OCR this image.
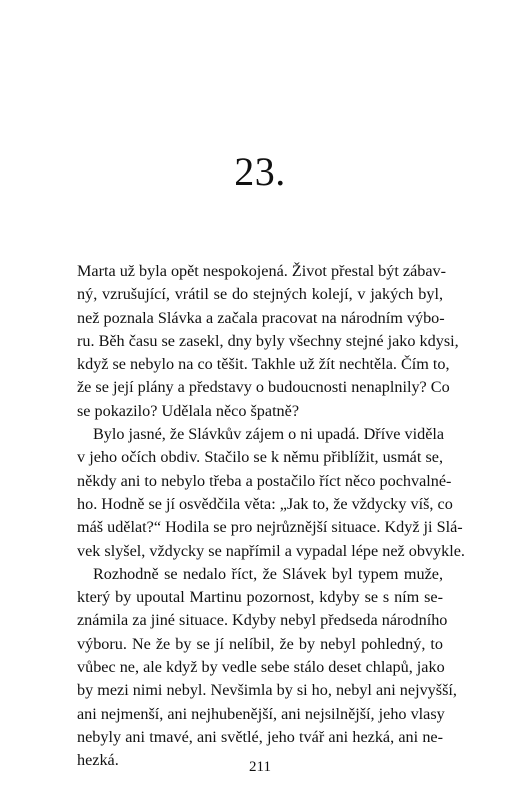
23.
Marta už byla opět nespokojená. Život přestal být zábav-
ný, vzrušující, vrátil se do stejných kolejí, v jakých byl,
než poznala Slávka a začala pracovat na národním výbo-
ru. Běh času se zasekl, dny byly všechny stejné jako kdysi,
když se nebylo na co těšit. Takhle už žít nechtěla. Čím to,
že se její plány a představy o budoucnosti nenaplnily? Co
se pokazilo? Udělala něco špatně?
Bylo jasné, že Slávkův zájem o ni upadá. Dříve viděla
v jeho očích obdiv. Stačilo se k němu přiblížit, usmát se,
někdy ani to nebylo třeba a postačilo říct něco pochvalné-
ho. Hodně se jí osvědčila věta: „Jak to, že vždycky víš, co
máš udělat?“ Hodila se pro nejrůznější situace. Když ji Slá-
vek slyšel, vždycky se napřímil a vypadal lépe než obvykle.
Rozhodně se nedalo říct, že Slávek byl typem muže,
který by upoutal Martinu pozornost, kdyby se s ním se-
známila za jiné situace. Kdyby nebyl předseda národního
výboru. Ne že by se jí nelíbil, že by nebyl pohledný, to
vůbec ne, ale když by vedle sebe stálo deset chlapů, jako
by mezi nimi nebyl. Nevšimla by si ho, nebyl ani nejvyšší,
ani nejmenší, ani nejhubenější, ani nejsilnější, jeho vlasy
nebyly ani tmavé, ani světlé, jeho tvář ani hezká, ani ne-
hezká.	211
